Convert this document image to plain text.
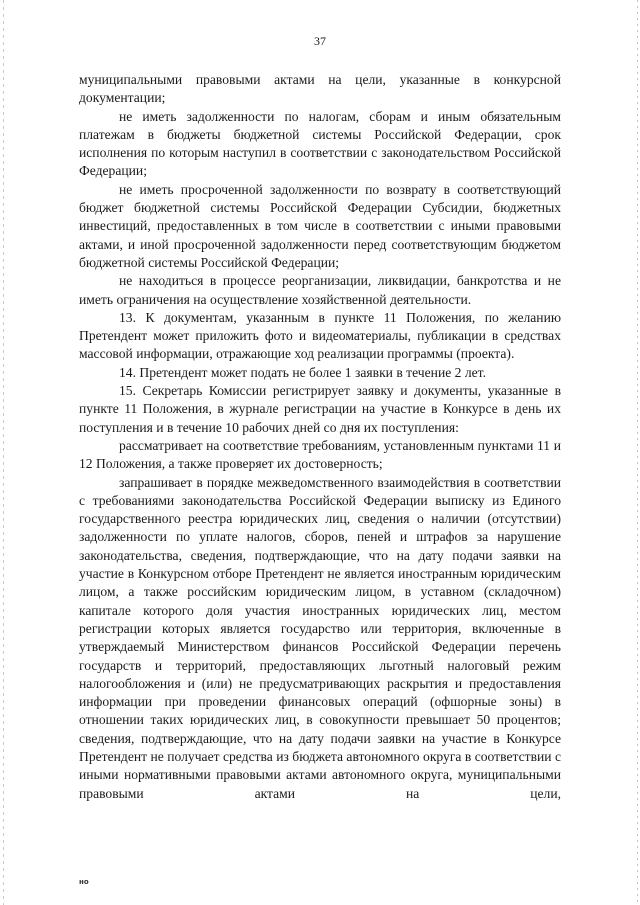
37

муниципальными правовыми актами на цели, указанные в конкурсной документации;

не иметь задолженности по налогам, сборам и иным обязательным платежам в бюджеты бюджетной системы Российской Федерации, срок исполнения по которым наступил в соответствии с законодательством Российской Федерации;

не иметь просроченной задолженности по возврату в соответствующий бюджет бюджетной системы Российской Федерации Субсидии, бюджетных инвестиций, предоставленных в том числе в соответствии с иными правовыми актами, и иной просроченной задолженности перед соответствующим бюджетом бюджетной системы Российской Федерации;

не находиться в процессе реорганизации, ликвидации, банкротства и не иметь ограничения на осуществление хозяйственной деятельности.

13. К документам, указанным в пункте 11 Положения, по желанию Претендент может приложить фото и видеоматериалы, публикации в средствах массовой информации, отражающие ход реализации программы (проекта).

14. Претендент может подать не более 1 заявки в течение 2 лет.

15. Секретарь Комиссии регистрирует заявку и документы, указанные в пункте 11 Положения, в журнале регистрации на участие в Конкурсе в день их поступления и в течение 10 рабочих дней со дня их поступления:

рассматривает на соответствие требованиям, установленным пунктами 11 и 12 Положения, а также проверяет их достоверность;

запрашивает в порядке межведомственного взаимодействия в соответствии с требованиями законодательства Российской Федерации выписку из Единого государственного реестра юридических лиц, сведения о наличии (отсутствии) задолженности по уплате налогов, сборов, пеней и штрафов за нарушение законодательства, сведения, подтверждающие, что на дату подачи заявки на участие в Конкурсном отборе Претендент не является иностранным юридическим лицом, а также российским юридическим лицом, в уставном (складочном) капитале которого доля участия иностранных юридических лиц, местом регистрации которых является государство или территория, включенные в утверждаемый Министерством финансов Российской Федерации перечень государств и территорий, предоставляющих льготный налоговый режим налогообложения и (или) не предусматривающих раскрытия и предоставления информации при проведении финансовых операций (офшорные зоны) в отношении таких юридических лиц, в совокупности превышает 50 процентов; сведения, подтверждающие, что на дату подачи заявки на участие в Конкурсе Претендент не получает средства из бюджета автономного округа в соответствии с иными нормативными правовыми актами автономного округа, муниципальными правовыми актами на цели,

но
